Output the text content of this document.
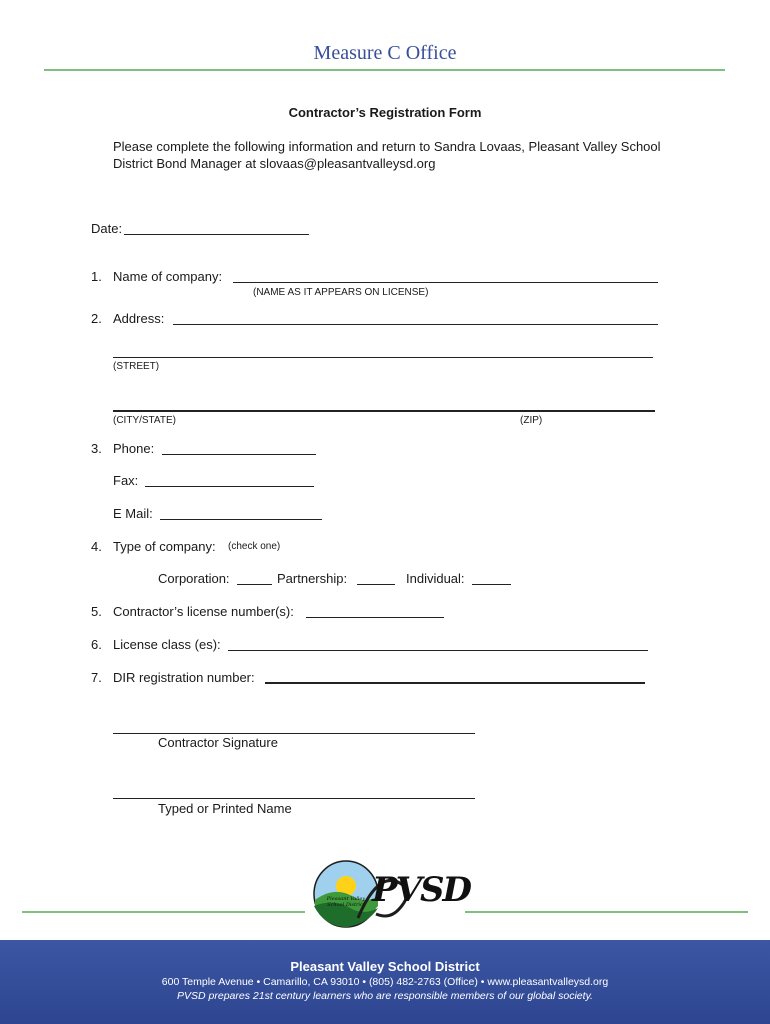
Measure C Office
Contractor’s Registration Form
Please complete the following information and return to Sandra Lovaas, Pleasant Valley School District Bond Manager at slovaas@pleasantvalleysd.org
Date:
1. Name of company:
(NAME AS IT APPEARS ON LICENSE)
2. Address:
(STREET)
(CITY/STATE)	(ZIP)
3. Phone:
Fax:
E Mail:
4. Type of company: (check one)
Corporation:	Partnership:	Individual:
5. Contractor’s license number(s):
6. License class (es):
7. DIR registration number:
Contractor Signature
Typed or Printed Name
Pleasant Valley School District PVSD
Pleasant Valley School District
600 Temple Avenue • Camarillo, CA 93010 • (805) 482-2763 (Office) • www.pleasantvalleysd.org
PVSD prepares 21st century learners who are responsible members of our global society.
